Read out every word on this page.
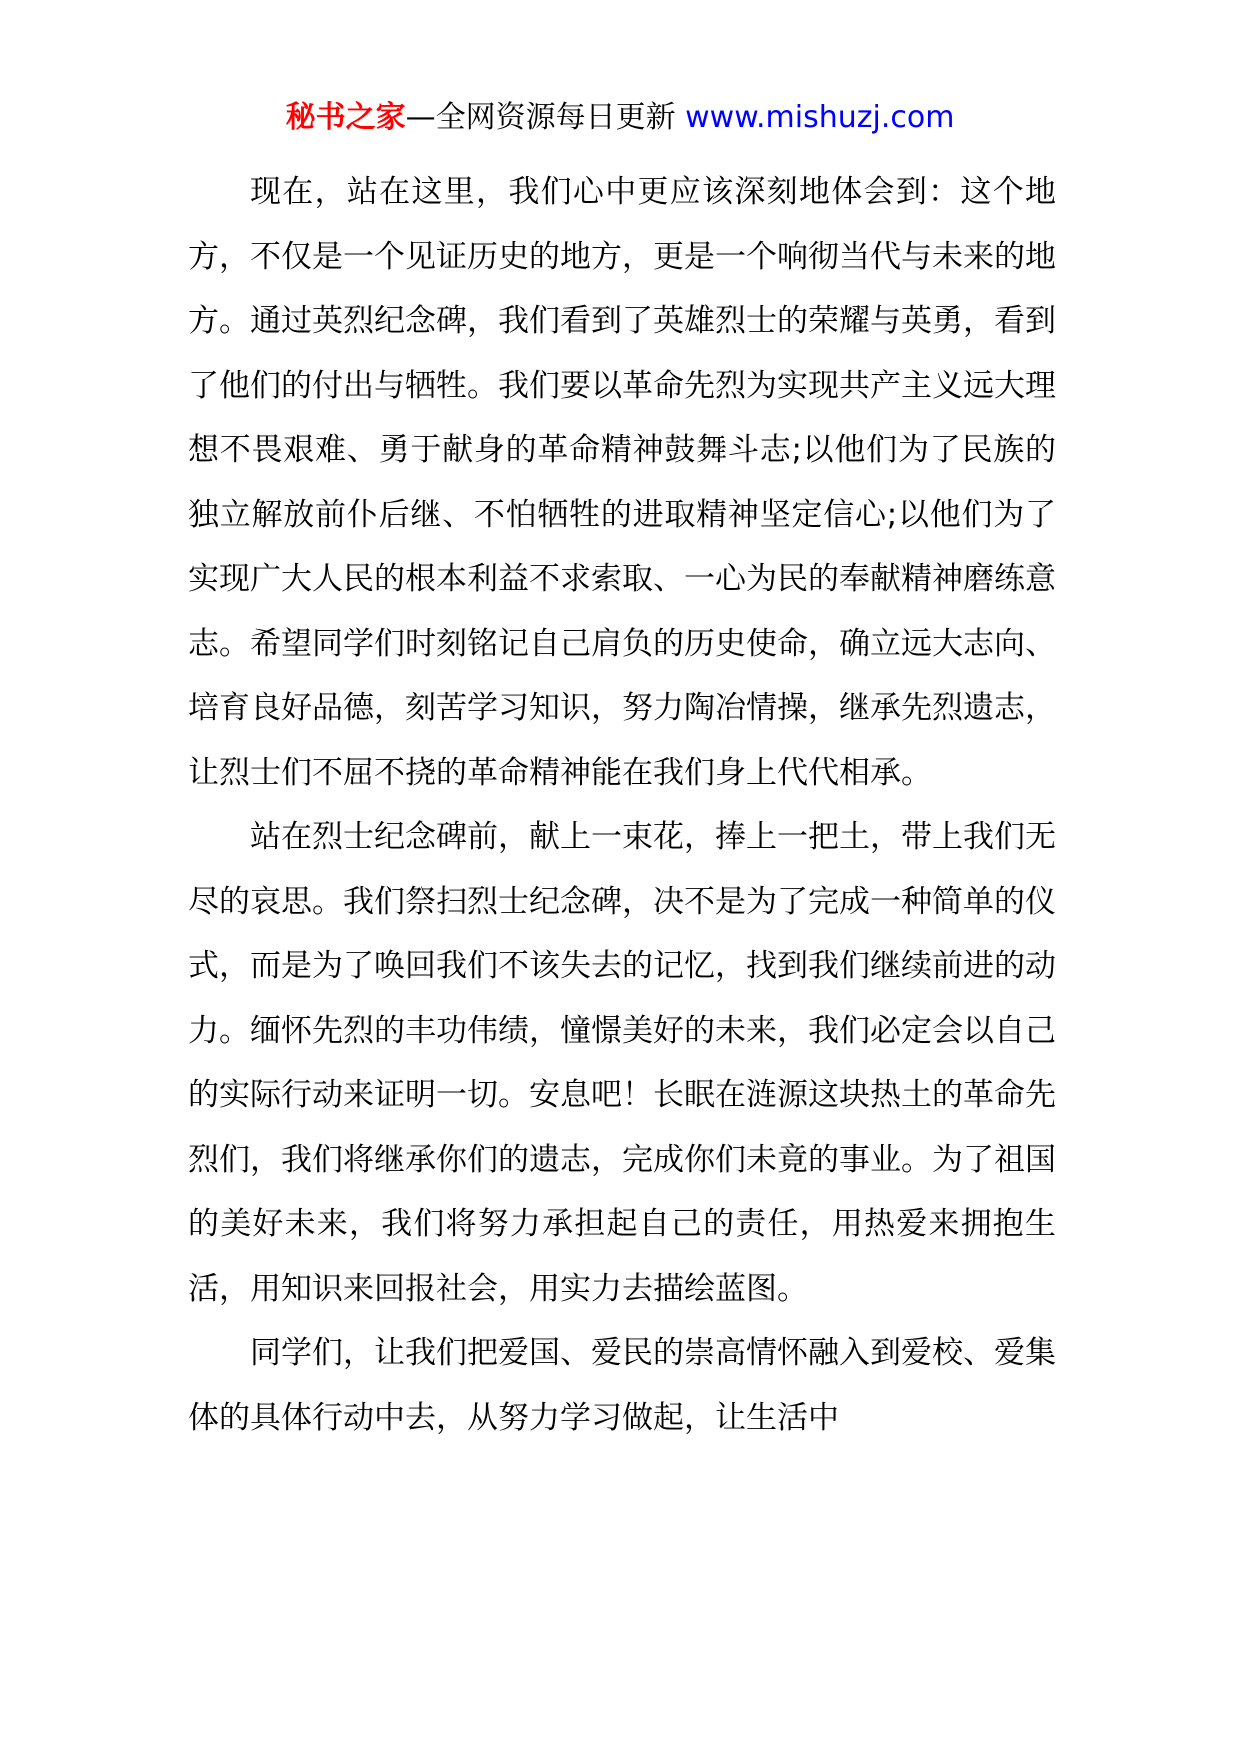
秘书之家—全网资源每日更新 www.mishuzj.com

现在，站在这里，我们心中更应该深刻地体会到：这个地方，不仅是一个见证历史的地方，更是一个响彻当代与未来的地方。通过英烈纪念碑，我们看到了英雄烈士的荣耀与英勇，看到了他们的付出与牺牲。我们要以革命先烈为实现共产主义远大理想不畏艰难、勇于献身的革命精神鼓舞斗志;以他们为了民族的独立解放前仆后继、不怕牺牲的进取精神坚定信心;以他们为了实现广大人民的根本利益不求索取、一心为民的奉献精神磨练意志。希望同学们时刻铭记自己肩负的历史使命，确立远大志向、培育良好品德，刻苦学习知识，努力陶冶情操，继承先烈遗志，让烈士们不屈不挠的革命精神能在我们身上代代相承。

站在烈士纪念碑前，献上一束花，捧上一把土，带上我们无尽的哀思。我们祭扫烈士纪念碑，决不是为了完成一种简单的仪式，而是为了唤回我们不该失去的记忆，找到我们继续前进的动力。缅怀先烈的丰功伟绩，憧憬美好的未来，我们必定会以自己的实际行动来证明一切。安息吧！长眠在涟源这块热土的革命先烈们，我们将继承你们的遗志，完成你们未竟的事业。为了祖国的美好未来，我们将努力承担起自己的责任，用热爱来拥抱生活，用知识来回报社会，用实力去描绘蓝图。

同学们，让我们把爱国、爱民的崇高情怀融入到爱校、爱集体的具体行动中去，从努力学习做起，让生活中
